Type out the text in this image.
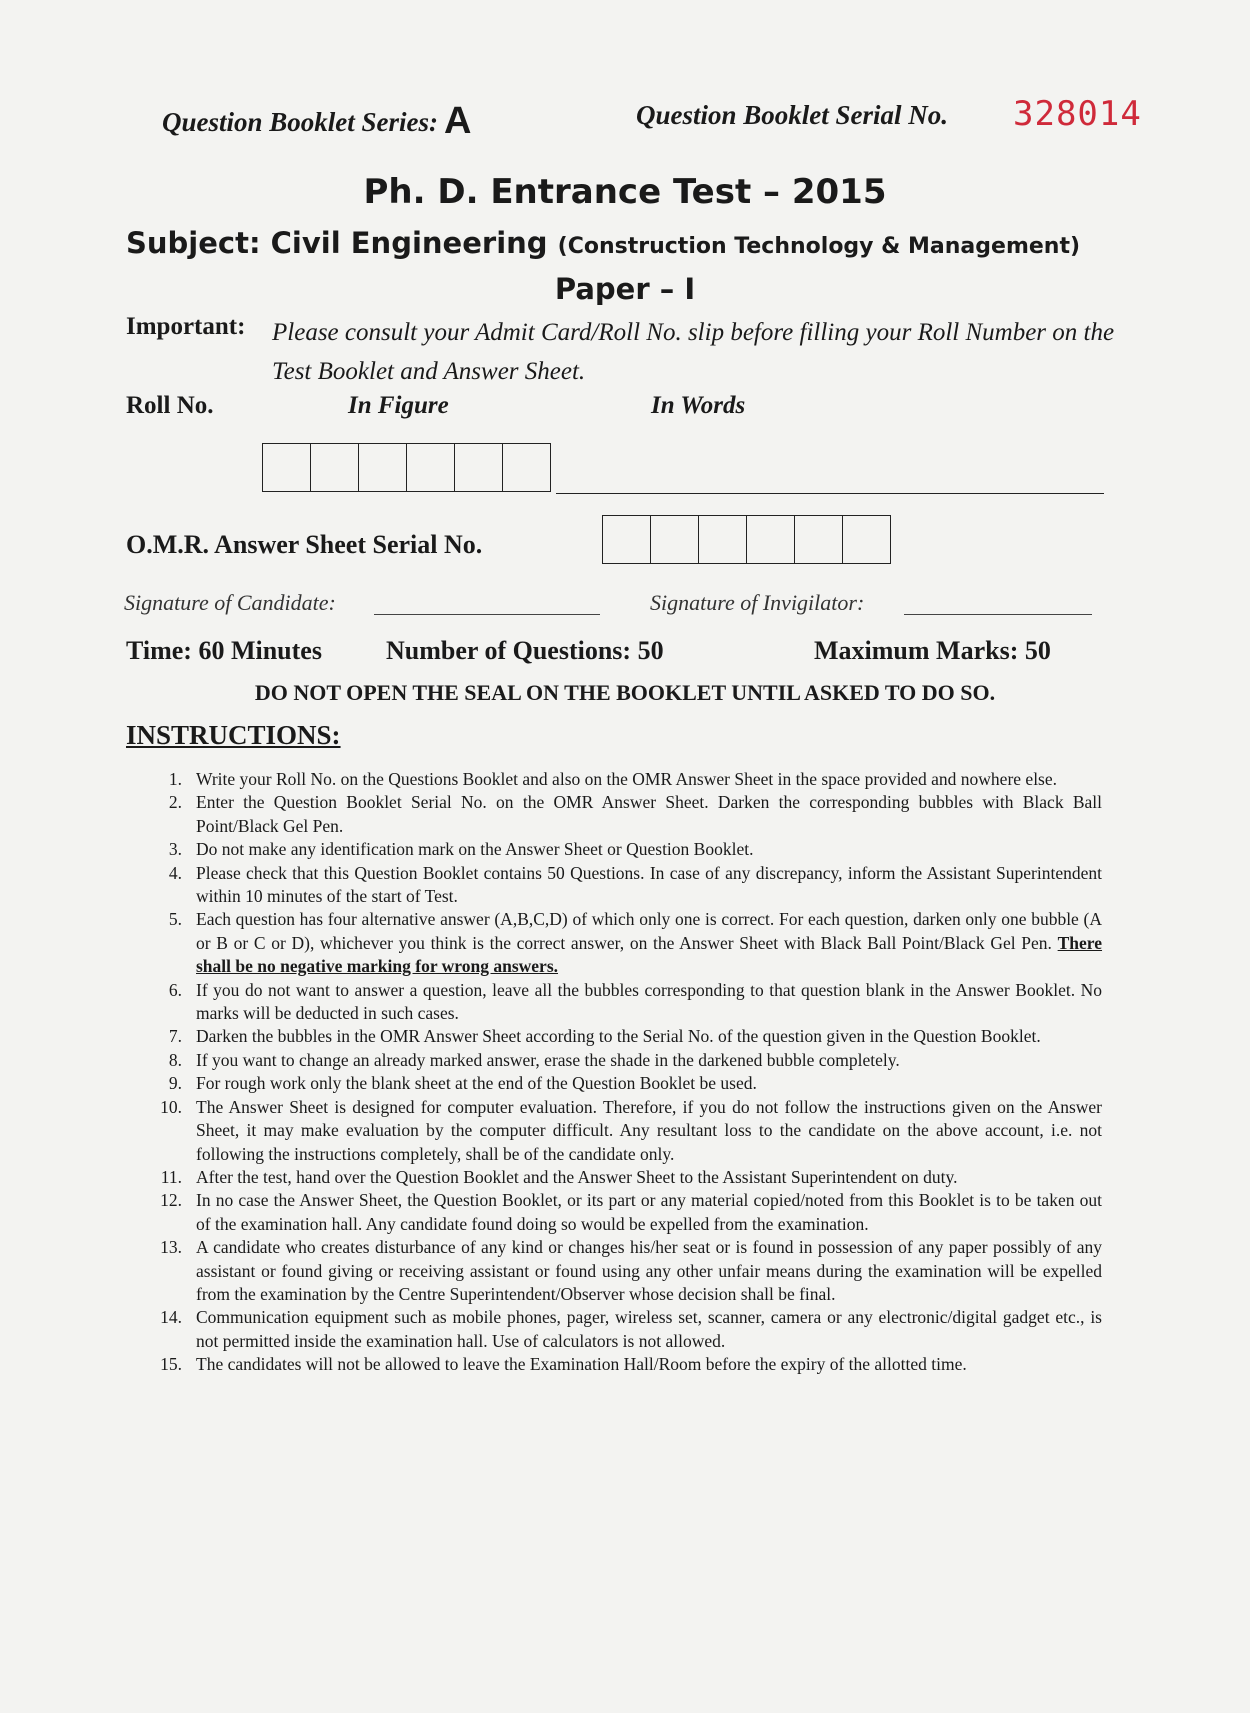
Question Booklet Series: A	Question Booklet Serial No. 328014
Ph. D. Entrance Test – 2015
Subject: Civil Engineering (Construction Technology & Management)
Paper – I
Important: Please consult your Admit Card/Roll No. slip before filling your Roll Number on the Test Booklet and Answer Sheet.
Roll No.	In Figure	In Words
O.M.R. Answer Sheet Serial No.
Signature of Candidate:	Signature of Invigilator:
Time: 60 Minutes Number of Questions: 50	Maximum Marks: 50
DO NOT OPEN THE SEAL ON THE BOOKLET UNTIL ASKED TO DO SO.
INSTRUCTIONS:
1 . Write your Roll No. on the Questions Booklet and also on the OMR Answer Sheet in the space provided and nowhere else.
2 . Enter the Question Booklet Serial No. on the OMR Answer Sheet. Darken the corresponding bubbles with Black Ball Point/Black Gel Pen.
3 . Do not make any identification mark on the Answer Sheet or Question Booklet.
4 . Please check that this Question Booklet contains 50 Questions. In case of any discrepancy, inform the Assistant Superintendent within 10 minutes of the start of Test.
5 . Each question has four alternative answer (A,B,C,D) of which only one is correct. For each question, darken only one bubble (A or B or C or D), whichever you think is the correct answer, on the Answer Sheet with Black Ball Point/Black Gel Pen. There shall be no negative marking for wrong answers.
6 . If you do not want to answer a question, leave all the bubbles corresponding to that question blank in the Answer Booklet. No marks will be deducted in such cases.
7 . Darken the bubbles in the OMR Answer Sheet according to the Serial No. of the question given in the Question Booklet.
8 . If you want to change an already marked answer, erase the shade in the darkened bubble completely.
9 . For rough work only the blank sheet at the end of the Question Booklet be used.
10 . The Answer Sheet is designed for computer evaluation. Therefore, if you do not follow the instructions given on the Answer Sheet, it may make evaluation by the computer difficult. Any resultant loss to the candidate on the above account, i.e. not following the instructions completely, shall be of the candidate only.
11 . After the test, hand over the Question Booklet and the Answer Sheet to the Assistant Superintendent on duty.
12 . In no case the Answer Sheet, the Question Booklet, or its part or any material copied/noted from this Booklet is to be taken out of the examination hall. Any candidate found doing so would be expelled from the examination.
13 . A candidate who creates disturbance of any kind or changes his/her seat or is found in possession of any paper possibly of any assistant or found giving or receiving assistant or found using any other unfair means during the examination will be expelled from the examination by the Centre Superintendent/Observer whose decision shall be final.
14 . Communication equipment such as mobile phones, pager, wireless set, scanner, camera or any electronic/digital gadget etc., is not permitted inside the examination hall. Use of calculators is not allowed.
15 . The candidates will not be allowed to leave the Examination Hall/Room before the expiry of the allotted time.
